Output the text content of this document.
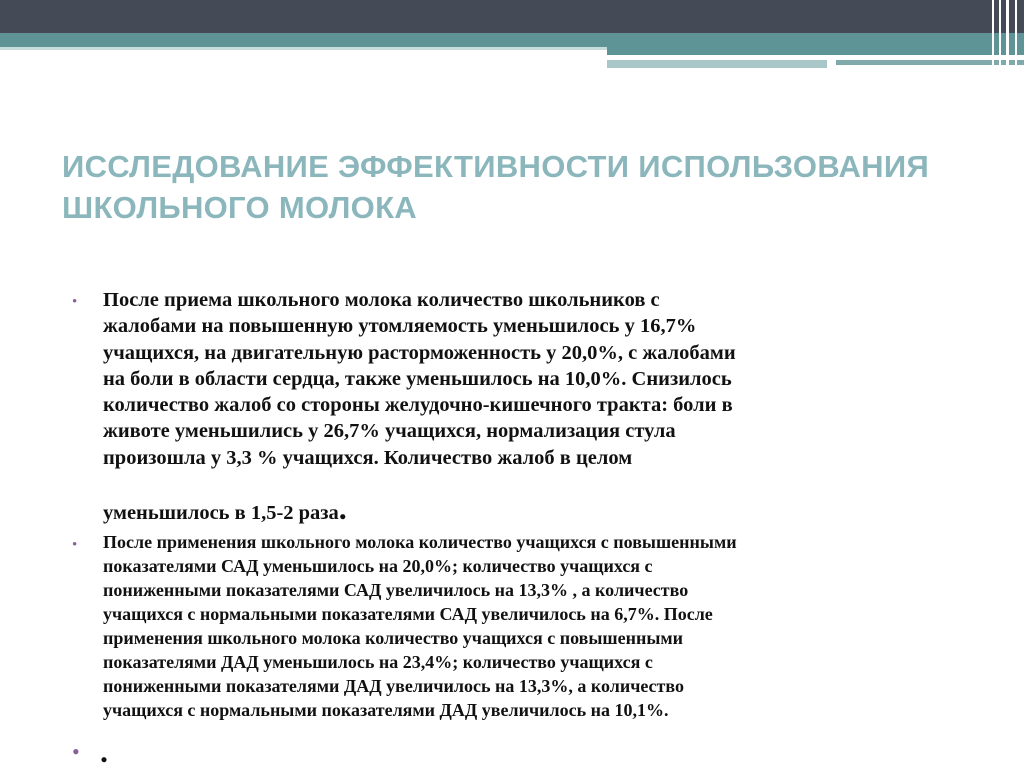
ИССЛЕДОВАНИЕ ЭФФЕКТИВНОСТИ ИСПОЛЬЗОВАНИЯ
ШКОЛЬНОГО МОЛОКА
• После приема школьного молока количество школьников с
жалобами на повышенную утомляемость уменьшилось у 16,7%
учащихся, на двигательную расторможенность у 20,0%, с жалобами
на боли в области сердца, также уменьшилось на 10,0%. Снизилось
количество жалоб со стороны желудочно-кишечного тракта: боли в
животе уменьшились у 26,7% учащихся, нормализация стула
произошла у 3,3 % учащихся. Количество жалоб в целом

уменьшилось в 1,5-2 раза.

• После применения школьного молока количество учащихся с повышенными
показателями САД уменьшилось на 20,0%; количество учащихся с
пониженными показателями САД увеличилось на 13,3% , а количество
учащихся с нормальными показателями САД увеличилось на 6,7%. После
применения школьного молока количество учащихся с повышенными
показателями ДАД уменьшилось на 23,4%; количество учащихся с
пониженными показателями ДАД увеличилось на 13,3%, а количество
учащихся с нормальными показателями ДАД увеличилось на 10,1%.

• .
